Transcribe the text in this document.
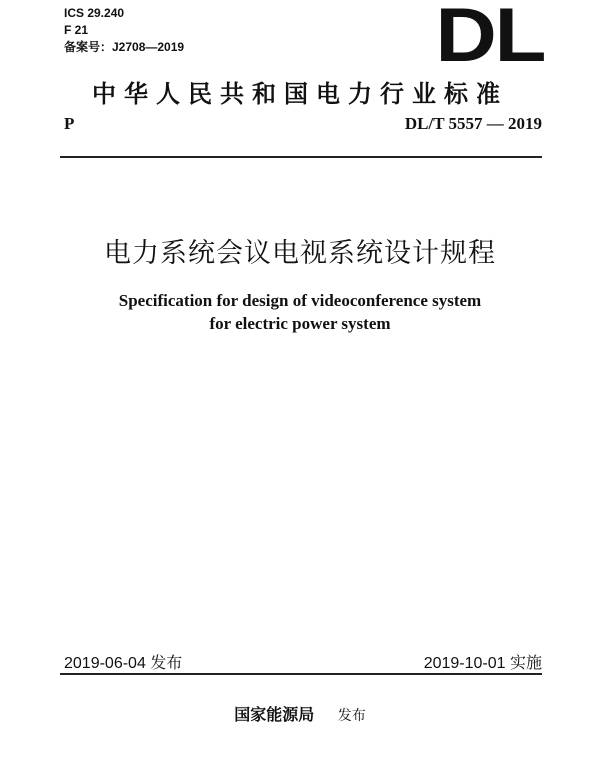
ICS 29.240
F 21
备案号：J2708—2019	DL
中华人民共和国电力行业标准
P	DL/T 5557 — 2019
电力系统会议电视系统设计规程
Specification for design of videoconference system
for electric power system
2019-06-04 发布	2019-10-01 实施
国家能源局 发布
